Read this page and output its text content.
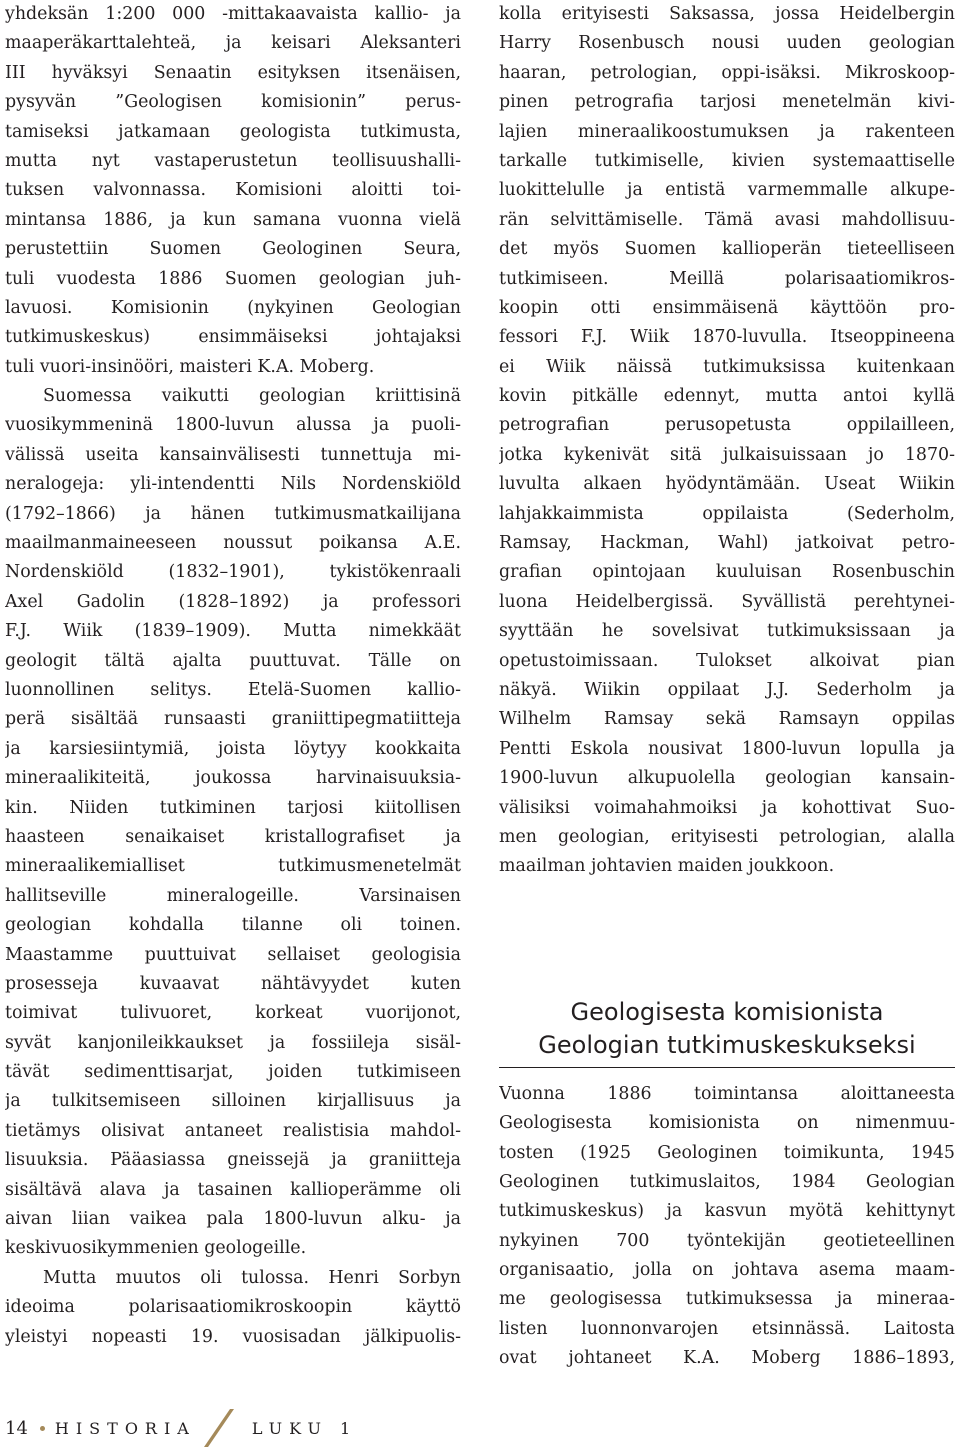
yhdeksän 1:200 000 -mittakaavaista kallio- ja
maaperäkarttalehteä, ja keisari Aleksanteri
III hyväksyi Senaatin esityksen itsenäisen,
pysyvän ”Geologisen komisionin” perus-
tamiseksi jatkamaan geologista tutkimusta,
mutta nyt vastaperustetun teollisuushalli-
tuksen valvonnassa. Komisioni aloitti toi-
mintansa 1886, ja kun samana vuonna vielä
perustettiin Suomen Geologinen Seura,
tuli vuodesta 1886 Suomen geologian juh-
lavuosi. Komisionin (nykyinen Geologian
tutkimuskeskus) ensimmäiseksi johtajaksi
tuli vuori-insinööri, maisteri K.A. Moberg.

Suomessa vaikutti geologian kriittisinä
vuosikymmeninä 1800-luvun alussa ja puoli-
välissä useita kansainvälisesti tunnettuja mi-
neralogeja: yli-intendentti Nils Nordenskiöld
(1792–1866) ja hänen tutkimusmatkailijana
maailmanmaineeseen noussut poikansa A.E.
Nordenskiöld (1832–1901), tykistökenraali
Axel Gadolin (1828–1892) ja professori
F.J. Wiik (1839–1909). Mutta nimekkäät
geologit tältä ajalta puuttuvat. Tälle on
luonnollinen selitys. Etelä-Suomen kallio-
perä sisältää runsaasti graniittipegmatiitteja
ja karsiesiintymiä, joista löytyy kookkaita
mineraalikiteitä, joukossa harvinaisuuksia-
kin. Niiden tutkiminen tarjosi kiitollisen
haasteen senaikaiset kristallografiset ja
mineraalikemialliset tutkimusmenetelmät
hallitseville mineralogeille. Varsinaisen
geologian kohdalla tilanne oli toinen.
Maastamme puuttuivat sellaiset geologisia
prosesseja kuvaavat nähtävyydet kuten
toimivat tulivuoret, korkeat vuorijonot,
syvät kanjonileikkaukset ja fossiileja sisäl-
tävät sedimenttisarjat, joiden tutkimiseen
ja tulkitsemiseen silloinen kirjallisuus ja
tietämys olisivat antaneet realistisia mahdol-
lisuuksia. Pääasiassa gneissejä ja graniitteja
sisältävä alava ja tasainen kallioperämme oli
aivan liian vaikea pala 1800-luvun alku- ja
keskivuosikymmenien geologeille.

Mutta muutos oli tulossa. Henri Sorbyn
ideoima polarisaatiomikroskoopin käyttö
yleistyi nopeasti 19. vuosisadan jälkipuolis-

kolla erityisesti Saksassa, jossa Heidelbergin
Harry Rosenbusch nousi uuden geologian
haaran, petrologian, oppi-isäksi. Mikroskoop-
pinen petrografia tarjosi menetelmän kivi-
lajien mineraalikoostumuksen ja rakenteen
tarkalle tutkimiselle, kivien systemaattiselle
luokittelulle ja entistä varmemmalle alkupe-
rän selvittämiselle. Tämä avasi mahdollisuu-
det myös Suomen kallioperän tieteelliseen
tutkimiseen. Meillä polarisaatiomikros-
koopin otti ensimmäisenä käyttöön pro-
fessori F.J. Wiik 1870-luvulla. Itseoppineena
ei Wiik näissä tutkimuksissa kuitenkaan
kovin pitkälle edennyt, mutta antoi kyllä
petrografian perusopetusta oppilailleen,
jotka kykenivät sitä julkaisuissaan jo 1870-
luvulta alkaen hyödyntämään. Useat Wiikin
lahjakkaimmista oppilaista (Sederholm,
Ramsay, Hackman, Wahl) jatkoivat petro-
grafian opintojaan kuuluisan Rosenbuschin
luona Heidelbergissä. Syvällistä perehtynei-
syyttään he sovelsivat tutkimuksissaan ja
opetustoimissaan. Tulokset alkoivat pian
näkyä. Wiikin oppilaat J.J. Sederholm ja
Wilhelm Ramsay sekä Ramsayn oppilas
Pentti Eskola nousivat 1800-luvun lopulla ja
1900-luvun alkupuolella geologian kansain-
välisiksi voimahahmoiksi ja kohottivat Suo-
men geologian, erityisesti petrologian, alalla
maailman johtavien maiden joukkoon.

Geologisesta komisionista
Geologian tutkimuskeskukseksi

Vuonna 1886 toimintansa aloittaneesta
Geologisesta komisionista on nimenmuu-
tosten (1925 Geologinen toimikunta, 1945
Geologinen tutkimuslaitos, 1984 Geologian
tutkimuskeskus) ja kasvun myötä kehittynyt
nykyinen 700 työntekijän geotieteellinen
organisaatio, jolla on johtava asema maam-
me geologisessa tutkimuksessa ja mineraa-
listen luonnonvarojen etsinnässä. Laitosta
ovat johtaneet K.A. Moberg 1886–1893,

14 HISTORIA	LUKU 1
